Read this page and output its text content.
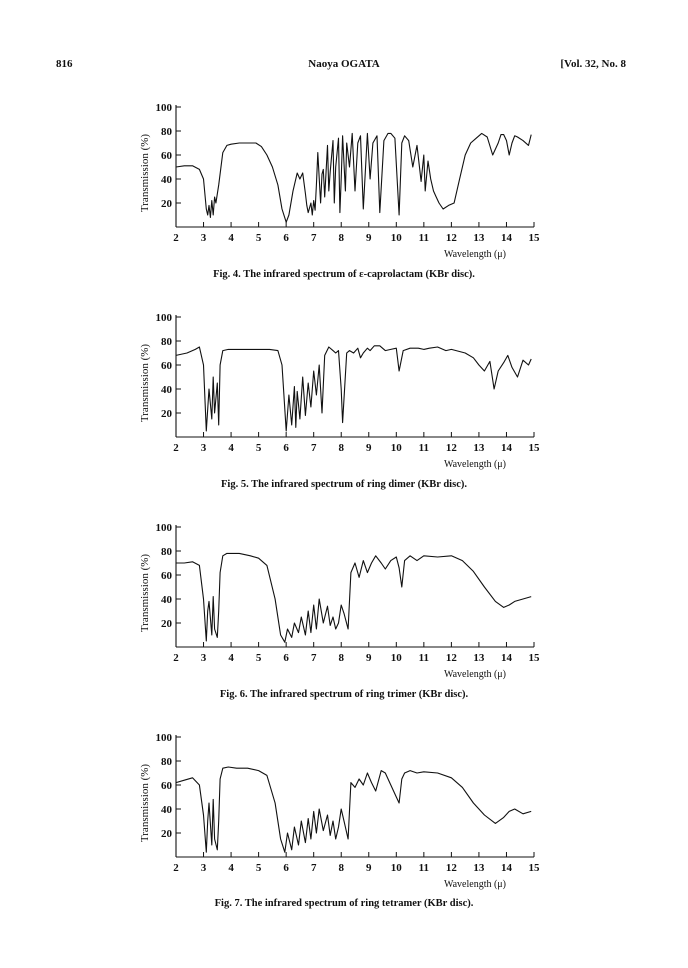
816	Naoya OGATA	[Vol. 32, No. 8
20
40
60
80
100
2 3 4 5 6 7 8 9 10 11 12 13 14 15
Transmission (%)
Wavelength (μ)
Fig. 4. The infrared spectrum of ε-caprolactam (KBr disc).
20
40
60
80
100
2 3 4 5 6 7 8 9 10 11 12 13 14 15
Transmission (%)
Wavelength (μ)
Fig. 5. The infrared spectrum of ring dimer (KBr disc).
20
40
60
80
100
2 3 4 5 6 7 8 9 10 11 12 13 14 15
Transmission (%)
Wavelength (μ)
Fig. 6. The infrared spectrum of ring trimer (KBr disc).
20
40
60
80
100
2 3 4 5 6 7 8 9 10 11 12 13 14 15
Transmission (%)
Wavelength (μ)
Fig. 7. The infrared spectrum of ring tetramer (KBr disc).
